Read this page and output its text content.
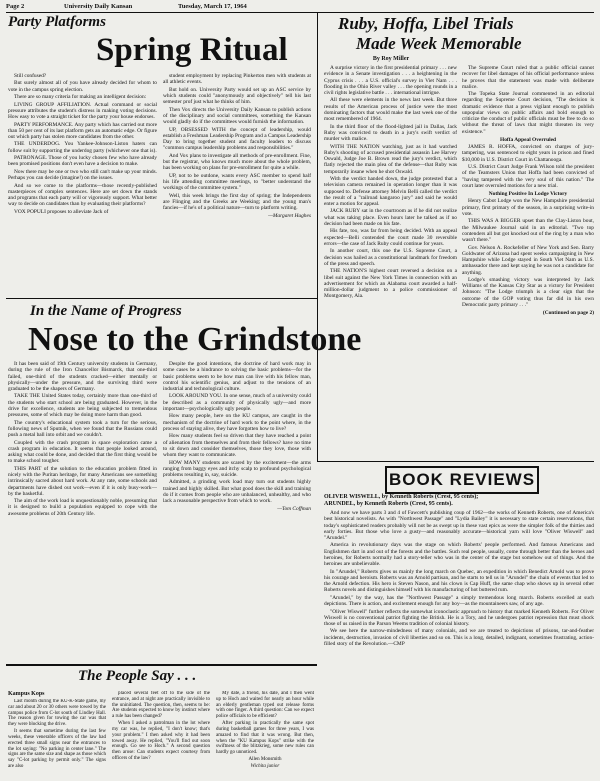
Page 2	University Daily Kansan	Tuesday, March 17, 1964
Party Platforms
Spring Ritual

Still confused?

But surely almost all of you have already decided for whom to vote in the campus spring election.

There are so many criteria for making an intelligent decision:

LIVING GROUP AFFILIATION. Actual command or social pressure attributes the student's distress in making voting decisions. How easy to vote a straight ticket for the party your house endorses.

PARTY PERFORMANCE. Any party which has carried out more than 50 per cent of its last platform gets an automatic edge. Or figure out which party has stolen more candidates from the other.

THE UNDERDOG. You Yankee-Johnson-Liston haters can follow suit by supporting the underdog party (whichever one that is).

PATRONAGE. Those of you lucky chosen few who have already been promised positions don't even have a decision to make.

Now there may be one or two who still can't make up your minds. Perhaps you can decide (imagine!) on the issues.

And so we come to the platforms—those recently-published masterpieces of complex sentences. Here are set down the stands and programs that each party will or vigorously support. What better way to decide on candidates than by evaluating their platforms?

VOX POPULI proposes to alleviate Jack of

student employment by replacing Pinkerton men with students at all athletic events.

But hold on. University Party would set up an ASC service by which students could "anonymously and objectively" tell his last semester prof just what he thinks of him.

Then Vox directs the University Daily Kansan to publish actions of the disciplinary and social committees, something the Kansan would gladly do if the committees would furnish the information.

UP, OBSESSED WITH the concept of leadership, would establish a Freshman Leadership Program and a Campus Leadership Day to bring together student and faculty leaders to discuss "common campus leadership problems and responsibilities."

And Vox plans to investigate all methods of pre-enrollment. Fine, but the registrar, who knows much more about the whole problem, has been working on plans for pre-enrollment for quite a while.

UP, not to be outdone, wants every ASC member to spend half his life attending committee meetings, to "better understand the workings of the committee system."

Well, this week brings the first day of spring; the Independents are Flinging and the Greeks are Weeking; and the young man's fancies—if he's of a political nature—turn to platform writing.

—Margaret Hughes

Ruby, Hoffa, Libel Trials
Made Week Memorable
By Roy Miller

A surprise victory in the first presidential primary . . . new evidence in a Senate investigation . . . a heightening in the Cyprus crisis . . . a U.S. official's survey in Viet Nam . . . flooding in the Ohio River valley . . . the opening rounds in a civil rights legislative battle . . . international intrigue.

All these were elements in the news last week. But three results of the American process of justice were the most dominating factors that would make the last week one of the most remembered of 1964.

In the third floor of the flood-lighted jail in Dallas, Jack Ruby was convicted to death in a jury's swift verdict of murder with malice.

WITH THE NATION watching, just as it had watched Ruby's shooting of accused presidential assassin Lee Harvey Oswald, Judge Joe B. Brown read the jury's verdict, which flatly rejected the main plea of the defense—that Ruby was temporarily insane when he shot Oswald.

With the verdict handed down, the judge protested that a television camera remained in operation longer than it was supposed to. Defense attorney Melvin Belli called the verdict the result of a "railroad kangaroo jury" and said he would enter a motion for appeal.

JACK RUBY sat in the courtroom as if he did not realize what was taking place. Even hours later he talked as if no decision had been made on his fate.

His fate, too, was far from being decided. With an appeal expected—Belli contended the court made 30 reversible errors—the case of Jack Ruby could continue for years.

In another court, this one the U.S. Supreme Court, a decision was hailed as a constitutional landmark for freedom of the press and speech.

THE NATION'S highest court reversed a decision on a libel suit against the New York Times in connection with an advertisement for which an Alabama court awarded a half-million-dollar judgment to a police commissioner of Montgomery, Ala.

The Supreme Court ruled that a public official cannot recover for libel damages of his official performance unless he proves that the statement was made with deliberate malice.

The Topeka State Journal commented in an editorial regarding the Supreme Court decision, "The decision is dramatic evidence that a press vigilant enough to publish unpopular views on public affairs and bold enough to criticize the conduct of public officials must be free to do so without the threat of laws that might threaten its very existence."

Hoffa Appeal Overruled

JAMES R. HOFFA, convicted on charges of jury-tampering, was sentenced to eight years in prison and fined $10,000 in U.S. District Court in Chattanooga.

U.S. District Court Judge Frank Wilson told the president of the Teamsters Union that Hoffa had been convicted of "having tampered with the very soul of this nation." The court later overruled motions for a new trial.

Nothing Positive In Lodge Victory

Henry Cabot Lodge won the New Hampshire presidential primary, first primary of the season, in a surprising write-in vote.

THIS WAS A BIGGER upset than the Clay-Liston bout, the Milwaukee Journal said in an editorial. "Two top contenders all but got knocked out of the ring by a man who wasn't there."

Gov. Nelson A. Rockefeller of New York and Sen. Barry Goldwater of Arizona had spent weeks campaigning in New Hampshire while Lodge stayed in South Viet Nam as U.S. ambassador there and kept saying he was not a candidate for anything.

Lodge's smashing victory was interpreted by Jack Williams of the Kansas City Star as a victory for President Johnson: "The Lodge triumph is a clear sign that the outcome of the GOP voting thus far did in his own Democratic party primary . . ."

(Continued on page 2)

In the Name of Progress
Nose to the Grindstone

It has been said of 19th Century university students in Germany, during the rule of the Iron Chancellor Bismarck, that one-third failed, one-third of the students cracked—either mentally or physically—under the pressure, and the surviving third were graduated to be the shapers of Germany.

TAKE THE United States today, certainly more than one-third of the students who start school are being graduated. However, in the drive for excellence, students are being subjected to tremendous pressures, some of which may be doing more harm than good.

The country's educational system took a turn for the serious, following news of Sputnik, when we found that the Russians could push a metal ball into orbit and we couldn't.

Coupled with the crash program in space exploration came a crash program in education. It seems that people looked around, asking what could be done, and decided that the first thing would be to make school tougher.

THIS PART of the solution to the education problem fitted in nicely with the Puritan heritage, for many Americans see something intrinsically sacred about hard work. At any rate, some schools and departments have dished out work—even if it is only busy-work—by the basketful.

The aim of the work load is unquestionably noble, presuming that it is designed to build a population equipped to cope with the awesome problems of 20th Century life.

Despite the good intentions, the doctrine of hard work may in some cases be a hindrance to solving the basic problems—for the basic problems seem to be how man can live with his fellow man, control his scientific genius, and adjust to the tensions of an industrial and technological culture.

LOOK AROUND YOU. In one sense, much of a university could be described as a community of physically ugly—and more important—psychologically ugly people.

How many people, here on the KU campus, are caught in the mechanism of the doctrine of hard work to the point where, in the process of staying alive, they have forgotten how to live?

How many students feel so driven that they have reached a point of alienation from themselves and from their fellows? have no time to sit down and consider themselves, those they love, those with whom they want to communicate.

HOW MANY students are scared by the excitement—the arms ranging from baggy eyes and itchy scalp to profound psychological problems resulting in, say, suicide.

Admitted, a grinding work load may turn out students highly trained and highly skilled. But what good does the skill and training do if it comes from people who are unbalanced, unhealthy, and who lack a reasonable perspective from which to work.

—Tom Coffman

BOOK REVIEWS
OLIVER WISWELL, by Kenneth Roberts (Crest, 95 cents);
ARUNDEL, by Kenneth Roberts (Crest, 95 cents).

And now we have parts 3 and 4 of Fawcett's publishing coup of 1962—the works of Kenneth Roberts, one of America's best historical novelists. As with "Northwest Passage" and "Lydia Bailey" it is necessary to state certain reservations, that today's sophisticated readers probably will not be as swept up in these vast epics as were the simpler folk of the thirties and early forties. But those who love a gusty—and reasonably accurate—historical yarn will love "Oliver Wiswell" and "Arundel."

America in revolutionary days was the stage on which Roberts' people performed. And famous Americans and Englishmen dart in and out of the forests and the battles. Such real people, usually, come through better than the heroes and heroines, for Roberts normally had a story-teller who was in the center of the stage but somehow out of things. And the heroines are unbelievable.

In "Arundel," Roberts gives us mainly the long march on Quebec, an expedition in which Benedict Arnold was to prove his courage and heroism. Roberts was an Arnold partisan, and he starts to tell us in "Arundel" the chain of events that led to the Arnold defection. His hero is Steven Nason, and his clown is Cap Huff, the same chap who shows up in several other Roberts novels and distinguishes himself with his manufacturing of hot buttered rum.

"Arundel," by the way, has the "Northwest Passage" a simply tremendous long march. Roberts excelled at such depictions. There is action, and excitement enough for any boy—as the mountaineers saw, of any age.

"Oliver Wiswell" further reflects the somewhat iconoclastic approach to history that marked Kenneth Roberts. For Oliver Wiswell is no conventional patriot fighting the British. He is a Tory, and he undergoes patriot repression that must shock those of us raised in the Parson Weems tradition of colonial history.

We see here the narrow-mindedness of many colonials, and we are treated to depictions of prisons, tar-and-feather incidents, destruction, invasion of civil liberties and so on. This is a long, detailed, indignant, sometimes frustrating, action-filled story of the Revolution.—CMP

The People Say . . .
Kampus Kops

Last month during the KU-K-State game, my car and about 20 or 30 others were towed by the campus police from C-lot south of Lindley Hall. The reason given for towing the car was that they were blocking the drive.

It seems that sometime during the last few weeks, these venerable officers of the law had erected three small signs near the entrances to the lot saying: "No parking in center lane." The signs are the same size and shape as those which say "C-lot parking by permit only." The signs are also

placed several feet off to the side of the entrance, and at night are practically invisible to the uninitiated. The question, then, seems to be: Are students expected to know by instinct where a rule has been changed?

When I asked a patrolman in the lot where my car was, he replied, "I don't know; that's your problem." I then asked why it had been towed away. He replied, "You'll find out soon enough. Go see to Hoch." A second question then arose: Can students expect courtesy from officers of the law?

My date, a friend, his date, and I then went up to Hoch and waited for nearly an hour while an elderly gentleman typed out release forms with one finger. A third question: Can we expect police officials to be efficient?

After parking in practically the same spot during basketball games for three years, I was amazed to find that it was wrong. But then, when the "KU Kampus Kops" strike with the swiftness of the blitzkrieg, some new rules can hardly go unnoticed.

Allen Monsmith

Wichita junior
